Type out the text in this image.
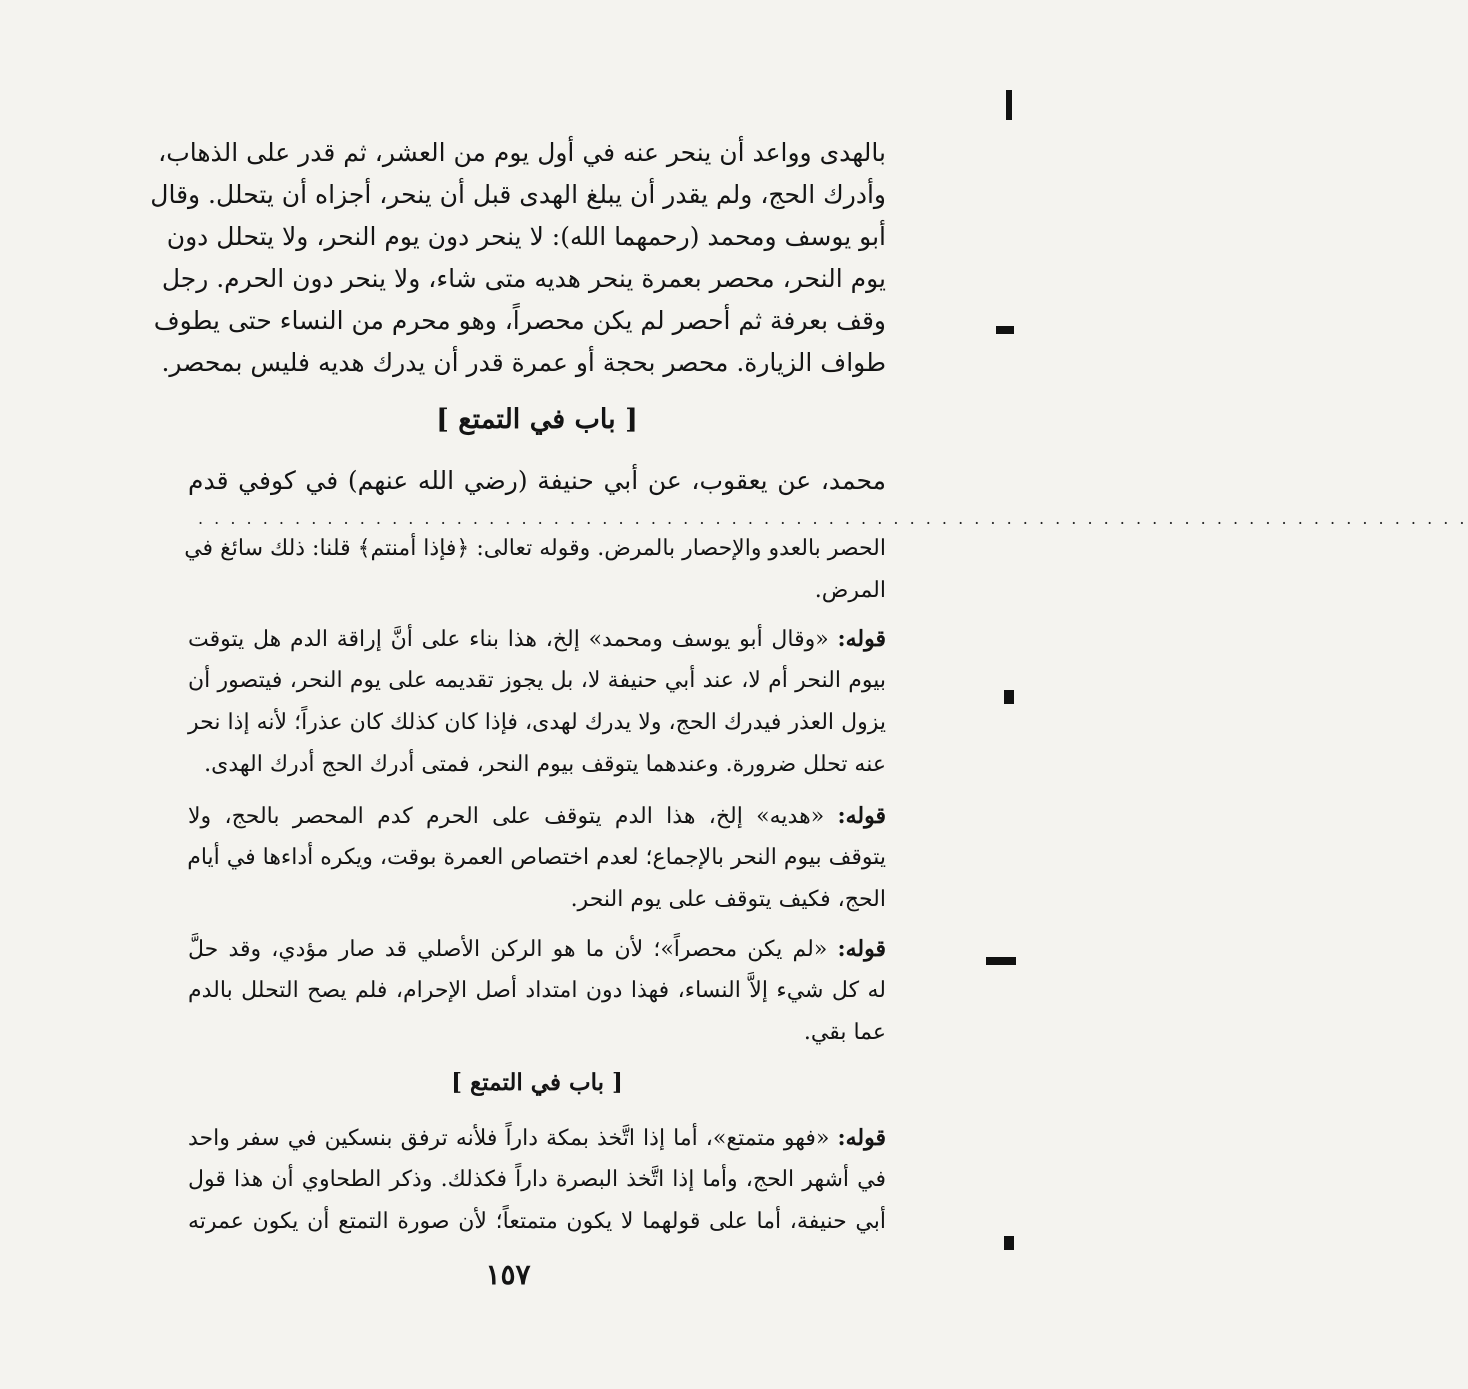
بالهدى وواعد أن ينحر عنه في أول يوم من العشر، ثم قدر على الذهاب،
وأدرك الحج، ولم يقدر أن يبلغ الهدى قبل أن ينحر، أجزاه أن يتحلل. وقال
أبو يوسف ومحمد (رحمهما الله): لا ينحر دون يوم النحر، ولا يتحلل دون
يوم النحر، محصر بعمرة ينحر هديه متى شاء، ولا ينحر دون الحرم. رجل
وقف بعرفة ثم أحصر لم يكن محصراً، وهو محرم من النساء حتى يطوف
طواف الزيارة. محصر بحجة أو عمرة قدر أن يدرك هديه فليس بمحصر.
[ باب في التمتع ]
محمد، عن يعقوب، عن أبي حنيفة (رضي الله عنهم) في كوفي قدم
. . . . . . . . . . . . . . . . . . . . . . . . . . . . . . . . . . . . . . . . . . . . . . . . . . . . . . . . . . . . . . . . . . . . . . . . . . . . . . .
الحصر بالعدو والإحصار بالمرض. وقوله تعالى: ﴿فإذا أمنتم﴾ قلنا: ذلك سائغ في
المرض.
قوله: «وقال أبو يوسف ومحمد» إلخ، هذا بناء على أنَّ إراقة الدم هل يتوقت
بيوم النحر أم لا، عند أبي حنيفة لا، بل يجوز تقديمه على يوم النحر، فيتصور أن
يزول العذر فيدرك الحج، ولا يدرك لهدى، فإذا كان كذلك كان عذراً؛ لأنه إذا نحر
عنه تحلل ضرورة. وعندهما يتوقف بيوم النحر، فمتى أدرك الحج أدرك الهدى.
قوله: «هديه» إلخ، هذا الدم يتوقف على الحرم كدم المحصر بالحج، ولا
يتوقف بيوم النحر بالإجماع؛ لعدم اختصاص العمرة بوقت، ويكره أداءها في أيام
الحج، فكيف يتوقف على يوم النحر.
قوله: «لم يكن محصراً»؛ لأن ما هو الركن الأصلي قد صار مؤدي، وقد حلَّ
له كل شيء إلاَّ النساء، فهذا دون امتداد أصل الإحرام، فلم يصح التحلل بالدم
عما بقي.
[ باب في التمتع ]
قوله: «فهو متمتع»، أما إذا اتَّخذ بمكة داراً فلأنه ترفق بنسكين في سفر واحد
في أشهر الحج، وأما إذا اتَّخذ البصرة داراً فكذلك. وذكر الطحاوي أن هذا قول
أبي حنيفة، أما على قولهما لا يكون متمتعاً؛ لأن صورة التمتع أن يكون عمرته
١٥٧
